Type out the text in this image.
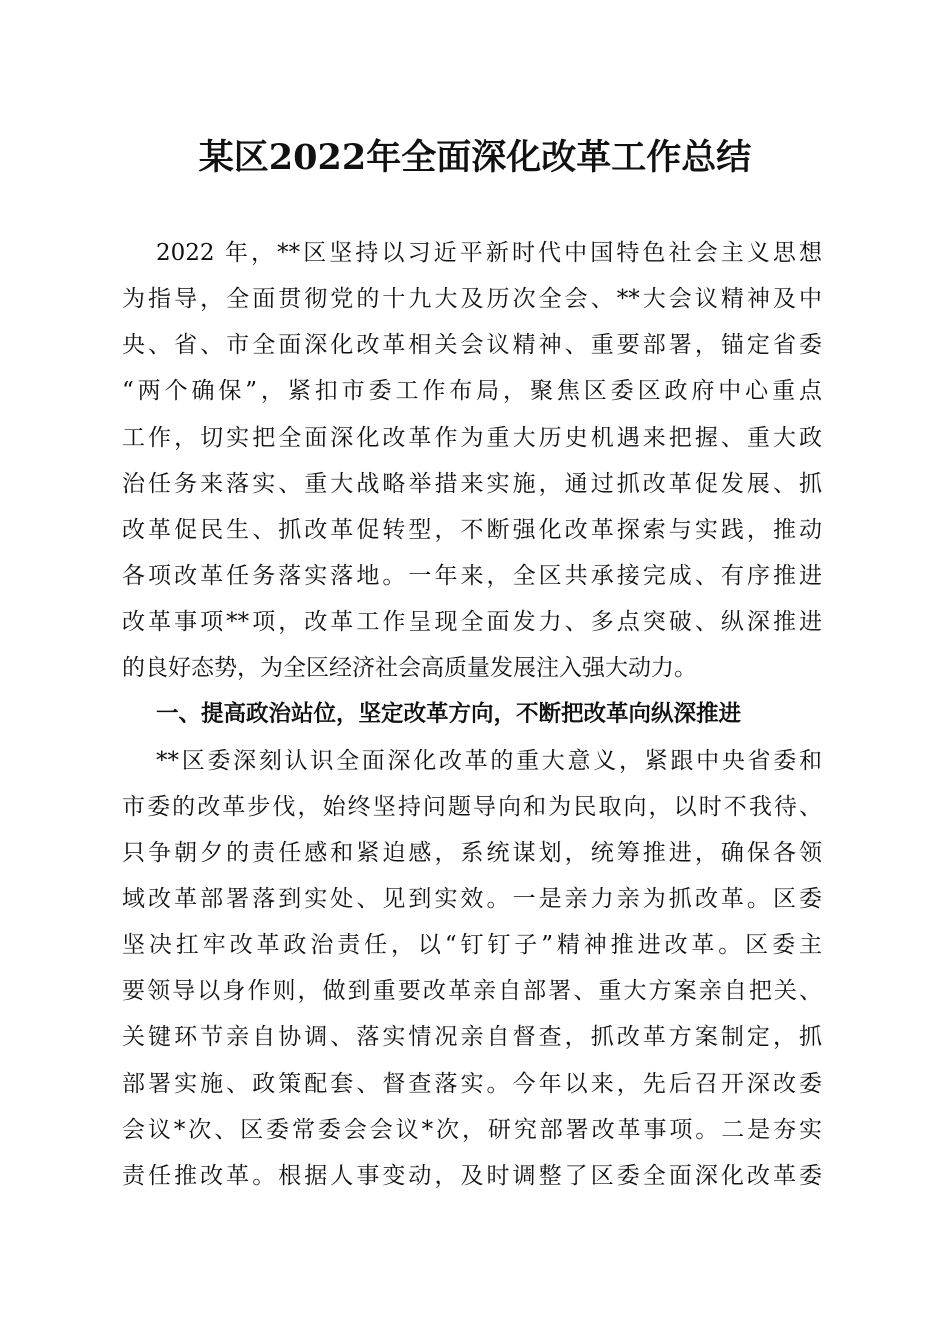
某区2022年全面深化改革工作总结
2022 年，**区坚持以习近平新时代中国特色社会主义思想
为指导，全面贯彻党的十九大及历次全会、**大会议精神及中
央、省、市全面深化改革相关会议精神、重要部署，锚定省委
“两个确保”，紧扣市委工作布局，聚焦区委区政府中心重点
工作，切实把全面深化改革作为重大历史机遇来把握、重大政
治任务来落实、重大战略举措来实施，通过抓改革促发展、抓
改革促民生、抓改革促转型，不断强化改革探索与实践，推动
各项改革任务落实落地。一年来，全区共承接完成、有序推进
改革事项**项，改革工作呈现全面发力、多点突破、纵深推进
的良好态势，为全区经济社会高质量发展注入强大动力。
一、提高政治站位，坚定改革方向，不断把改革向纵深推进
**区委深刻认识全面深化改革的重大意义，紧跟中央省委和
市委的改革步伐，始终坚持问题导向和为民取向，以时不我待、
只争朝夕的责任感和紧迫感，系统谋划，统筹推进，确保各领
域改革部署落到实处、见到实效。一是亲力亲为抓改革。区委
坚决扛牢改革政治责任，以“钉钉子”精神推进改革。区委主
要领导以身作则，做到重要改革亲自部署、重大方案亲自把关、
关键环节亲自协调、落实情况亲自督查，抓改革方案制定，抓
部署实施、政策配套、督查落实。今年以来，先后召开深改委
会议*次、区委常委会会议*次，研究部署改革事项。二是夯实
责任推改革。根据人事变动，及时调整了区委全面深化改革委
